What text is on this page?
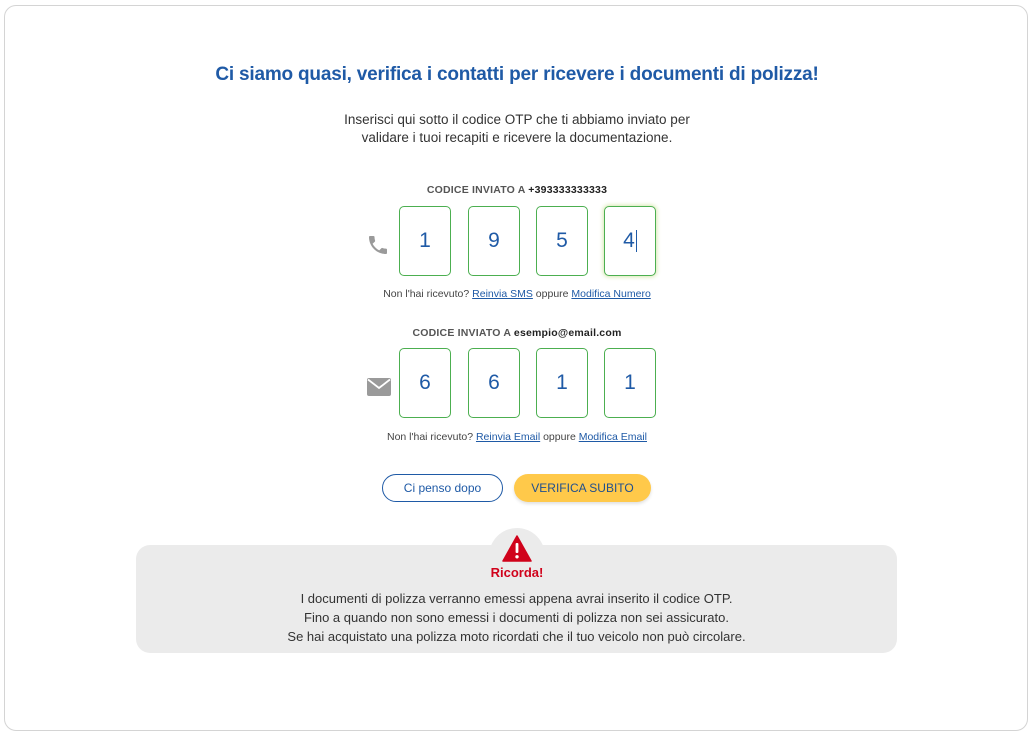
Ci siamo quasi, verifica i contatti per ricevere i documenti di polizza!
Inserisci qui sotto il codice OTP che ti abbiamo inviato per
validare i tuoi recapiti e ricevere la documentazione.
CODICE INVIATO A +393333333333
1	9	5	4
Non l'hai ricevuto? Reinvia SMS oppure Modifica Numero
CODICE INVIATO A esempio@email.com
6	6	1	1
Non l'hai ricevuto? Reinvia Email oppure Modifica Email
Ci penso dopo	VERIFICA SUBITO
Ricorda!
I documenti di polizza verranno emessi appena avrai inserito il codice OTP.
Fino a quando non sono emessi i documenti di polizza non sei assicurato.
Se hai acquistato una polizza moto ricordati che il tuo veicolo non può circolare.
